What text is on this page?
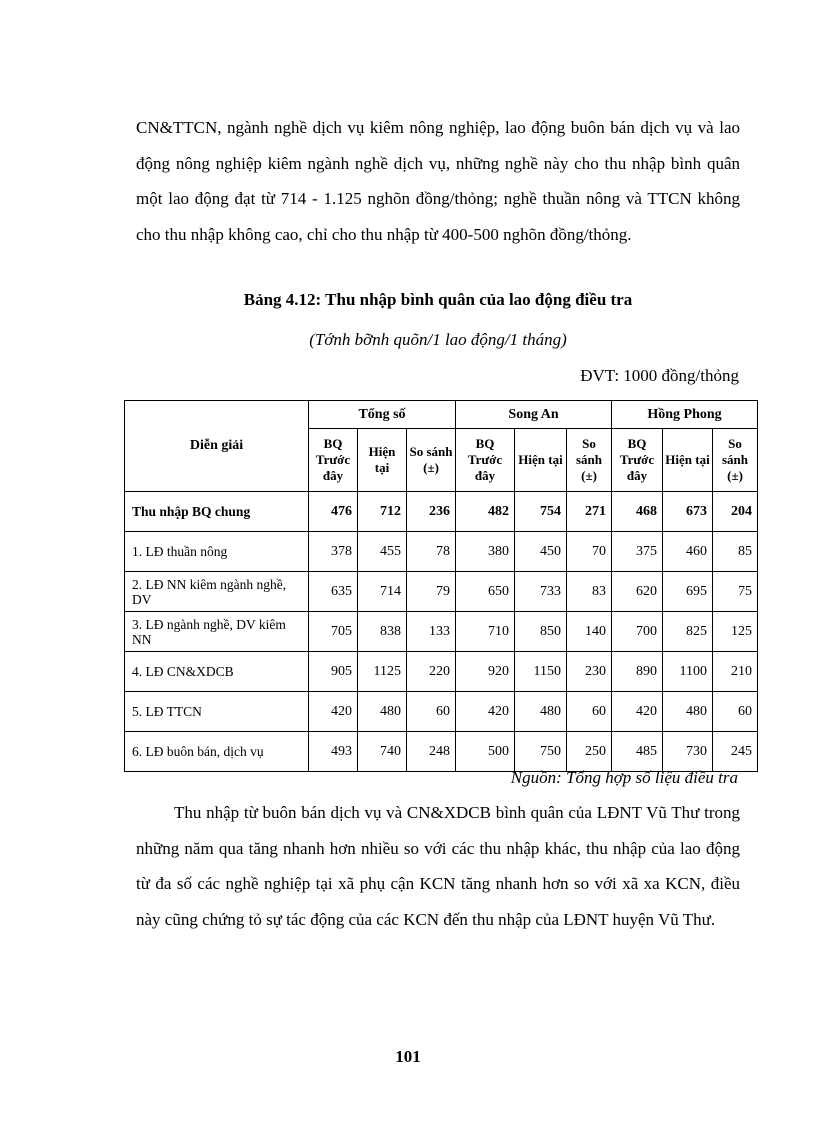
CN&TTCN, ngành nghề dịch vụ kiêm nông nghiệp, lao động buôn bán dịch vụ và lao động nông nghiệp kiêm ngành nghề dịch vụ, những nghề này cho thu nhập bình quân một lao động đạt từ 714 - 1.125 nghõn đồng/thỏng; nghề thuần nông và TTCN không cho thu nhập không cao, chỉ cho thu nhập từ 400-500 nghõn đồng/thỏng.

Bảng 4.12: Thu nhập bình quân của lao động điều tra
(Tớnh bỡnh quõn/1 lao động/1 tháng)
ĐVT: 1000 đồng/thỏng
Diễn giải	Tổng số			Song An			Hồng Phong		
	BQ Trước đây	Hiện tại	So sánh (±)	BQ Trước đây	Hiện tại	So sánh (±)	BQ Trước đây	Hiện tại	So sánh (±)
Thu nhập BQ chung	476	712	236	482	754	271	468	673	204
1. LĐ thuần nông	378	455	78	380	450	70	375	460	85
2. LĐ NN kiêm ngành nghề, DV	635	714	79	650	733	83	620	695	75
3. LĐ ngành nghề, DV kiêm NN	705	838	133	710	850	140	700	825	125
4. LĐ CN&XDCB	905	1125	220	920	1150	230	890	1100	210
5. LĐ TTCN	420	480	60	420	480	60	420	480	60
6. LĐ buôn bán, dịch vụ	493	740	248	500	750	250	485	730	245
Nguồn: Tổng hợp số liệu điều tra

Thu nhập từ buôn bán dịch vụ và CN&XDCB bình quân của LĐNT Vũ Thư trong những năm qua tăng nhanh hơn nhiều so với các thu nhập khác, thu nhập của lao động từ đa số các nghề nghiệp tại xã phụ cận KCN tăng nhanh hơn so với xã xa KCN, điều này cũng chứng tỏ sự tác động của các KCN đến thu nhập của LĐNT huyện Vũ Thư.

101
